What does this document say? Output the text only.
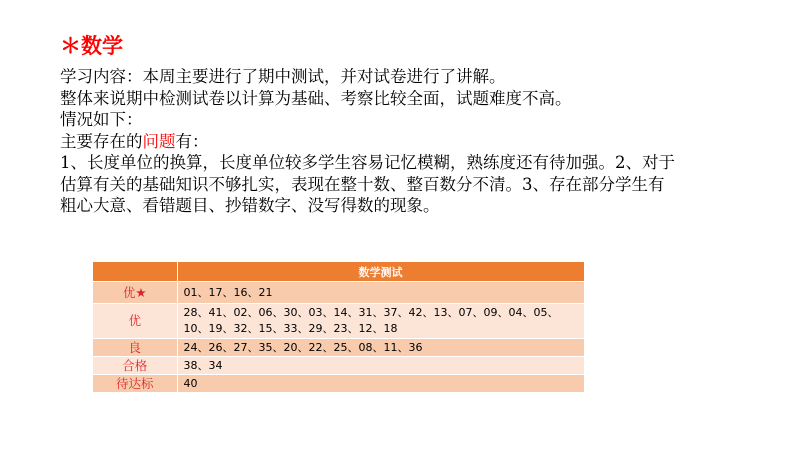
＊数学

学习内容：本周主要进行了期中测试，并对试卷进行了讲解。

整体来说期中检测试卷以计算为基础、考察比较全面，试题难度不高。

情况如下：

主要存在的问题有：

1、长度单位的换算，长度单位较多学生容易记忆模糊，熟练度还有待加强。2、对于估算有关的基础知识不够扎实，表现在整十数、整百数分不清。3、存在部分学生有粗心大意、看错题目、抄错数字、没写得数的现象。

	数学测试
优★	01、17、16、21
优	28、41、02、06、30、03、14、31、37、42、13、07、09、04、05、10、19、32、15、33、29、23、12、18
良	24、26、27、35、20、22、25、08、11、36
合格	38、34
待达标	40
